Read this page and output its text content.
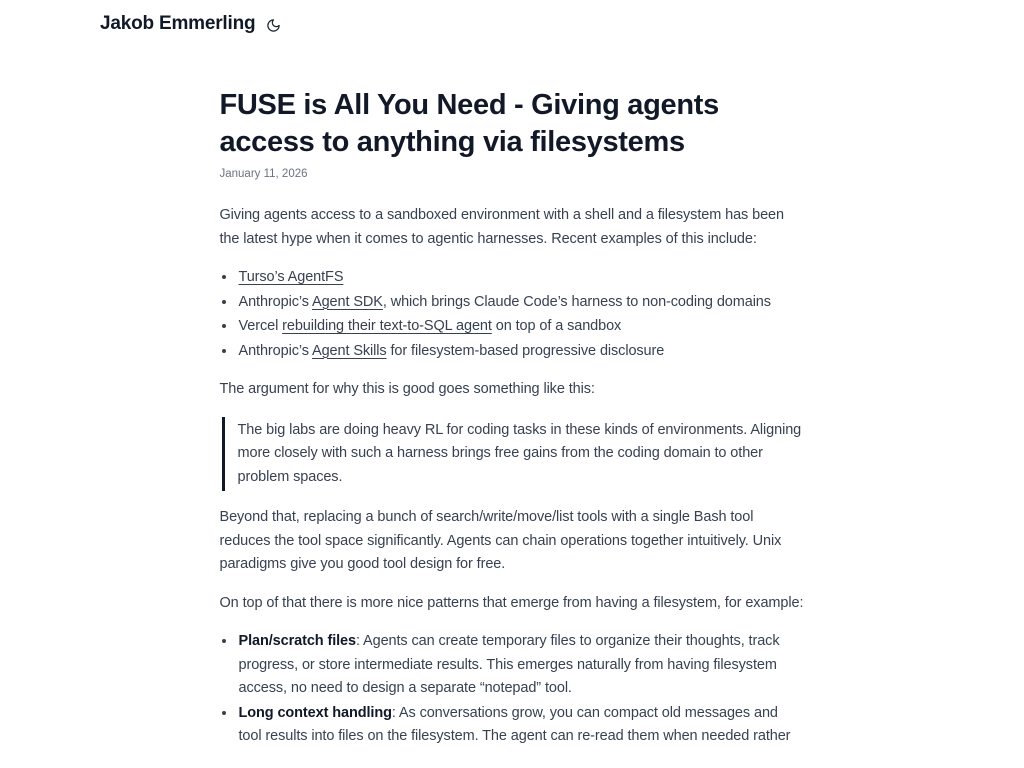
Jakob Emmerling
FUSE is All You Need - Giving agents access to anything via filesystems
January 11, 2026

Giving agents access to a sandboxed environment with a shell and a filesystem has been the latest hype when it comes to agentic harnesses. Recent examples of this include:

• Turso’s AgentFS
• Anthropic’s Agent SDK, which brings Claude Code’s harness to non-coding domains
• Vercel rebuilding their text-to-SQL agent on top of a sandbox
• Anthropic’s Agent Skills for filesystem-based progressive disclosure

The argument for why this is good goes something like this:

The big labs are doing heavy RL for coding tasks in these kinds of environments. Aligning more closely with such a harness brings free gains from the coding domain to other problem spaces.

Beyond that, replacing a bunch of search/write/move/list tools with a single Bash tool reduces the tool space significantly. Agents can chain operations together intuitively. Unix paradigms give you good tool design for free.

On top of that there is more nice patterns that emerge from having a filesystem, for example:

• Plan/scratch files: Agents can create temporary files to organize their thoughts, track progress, or store intermediate results. This emerges naturally from having filesystem access, no need to design a separate “notepad” tool.
• Long context handling: As conversations grow, you can compact old messages and tool results into files on the filesystem. The agent can re-read them when needed rather
